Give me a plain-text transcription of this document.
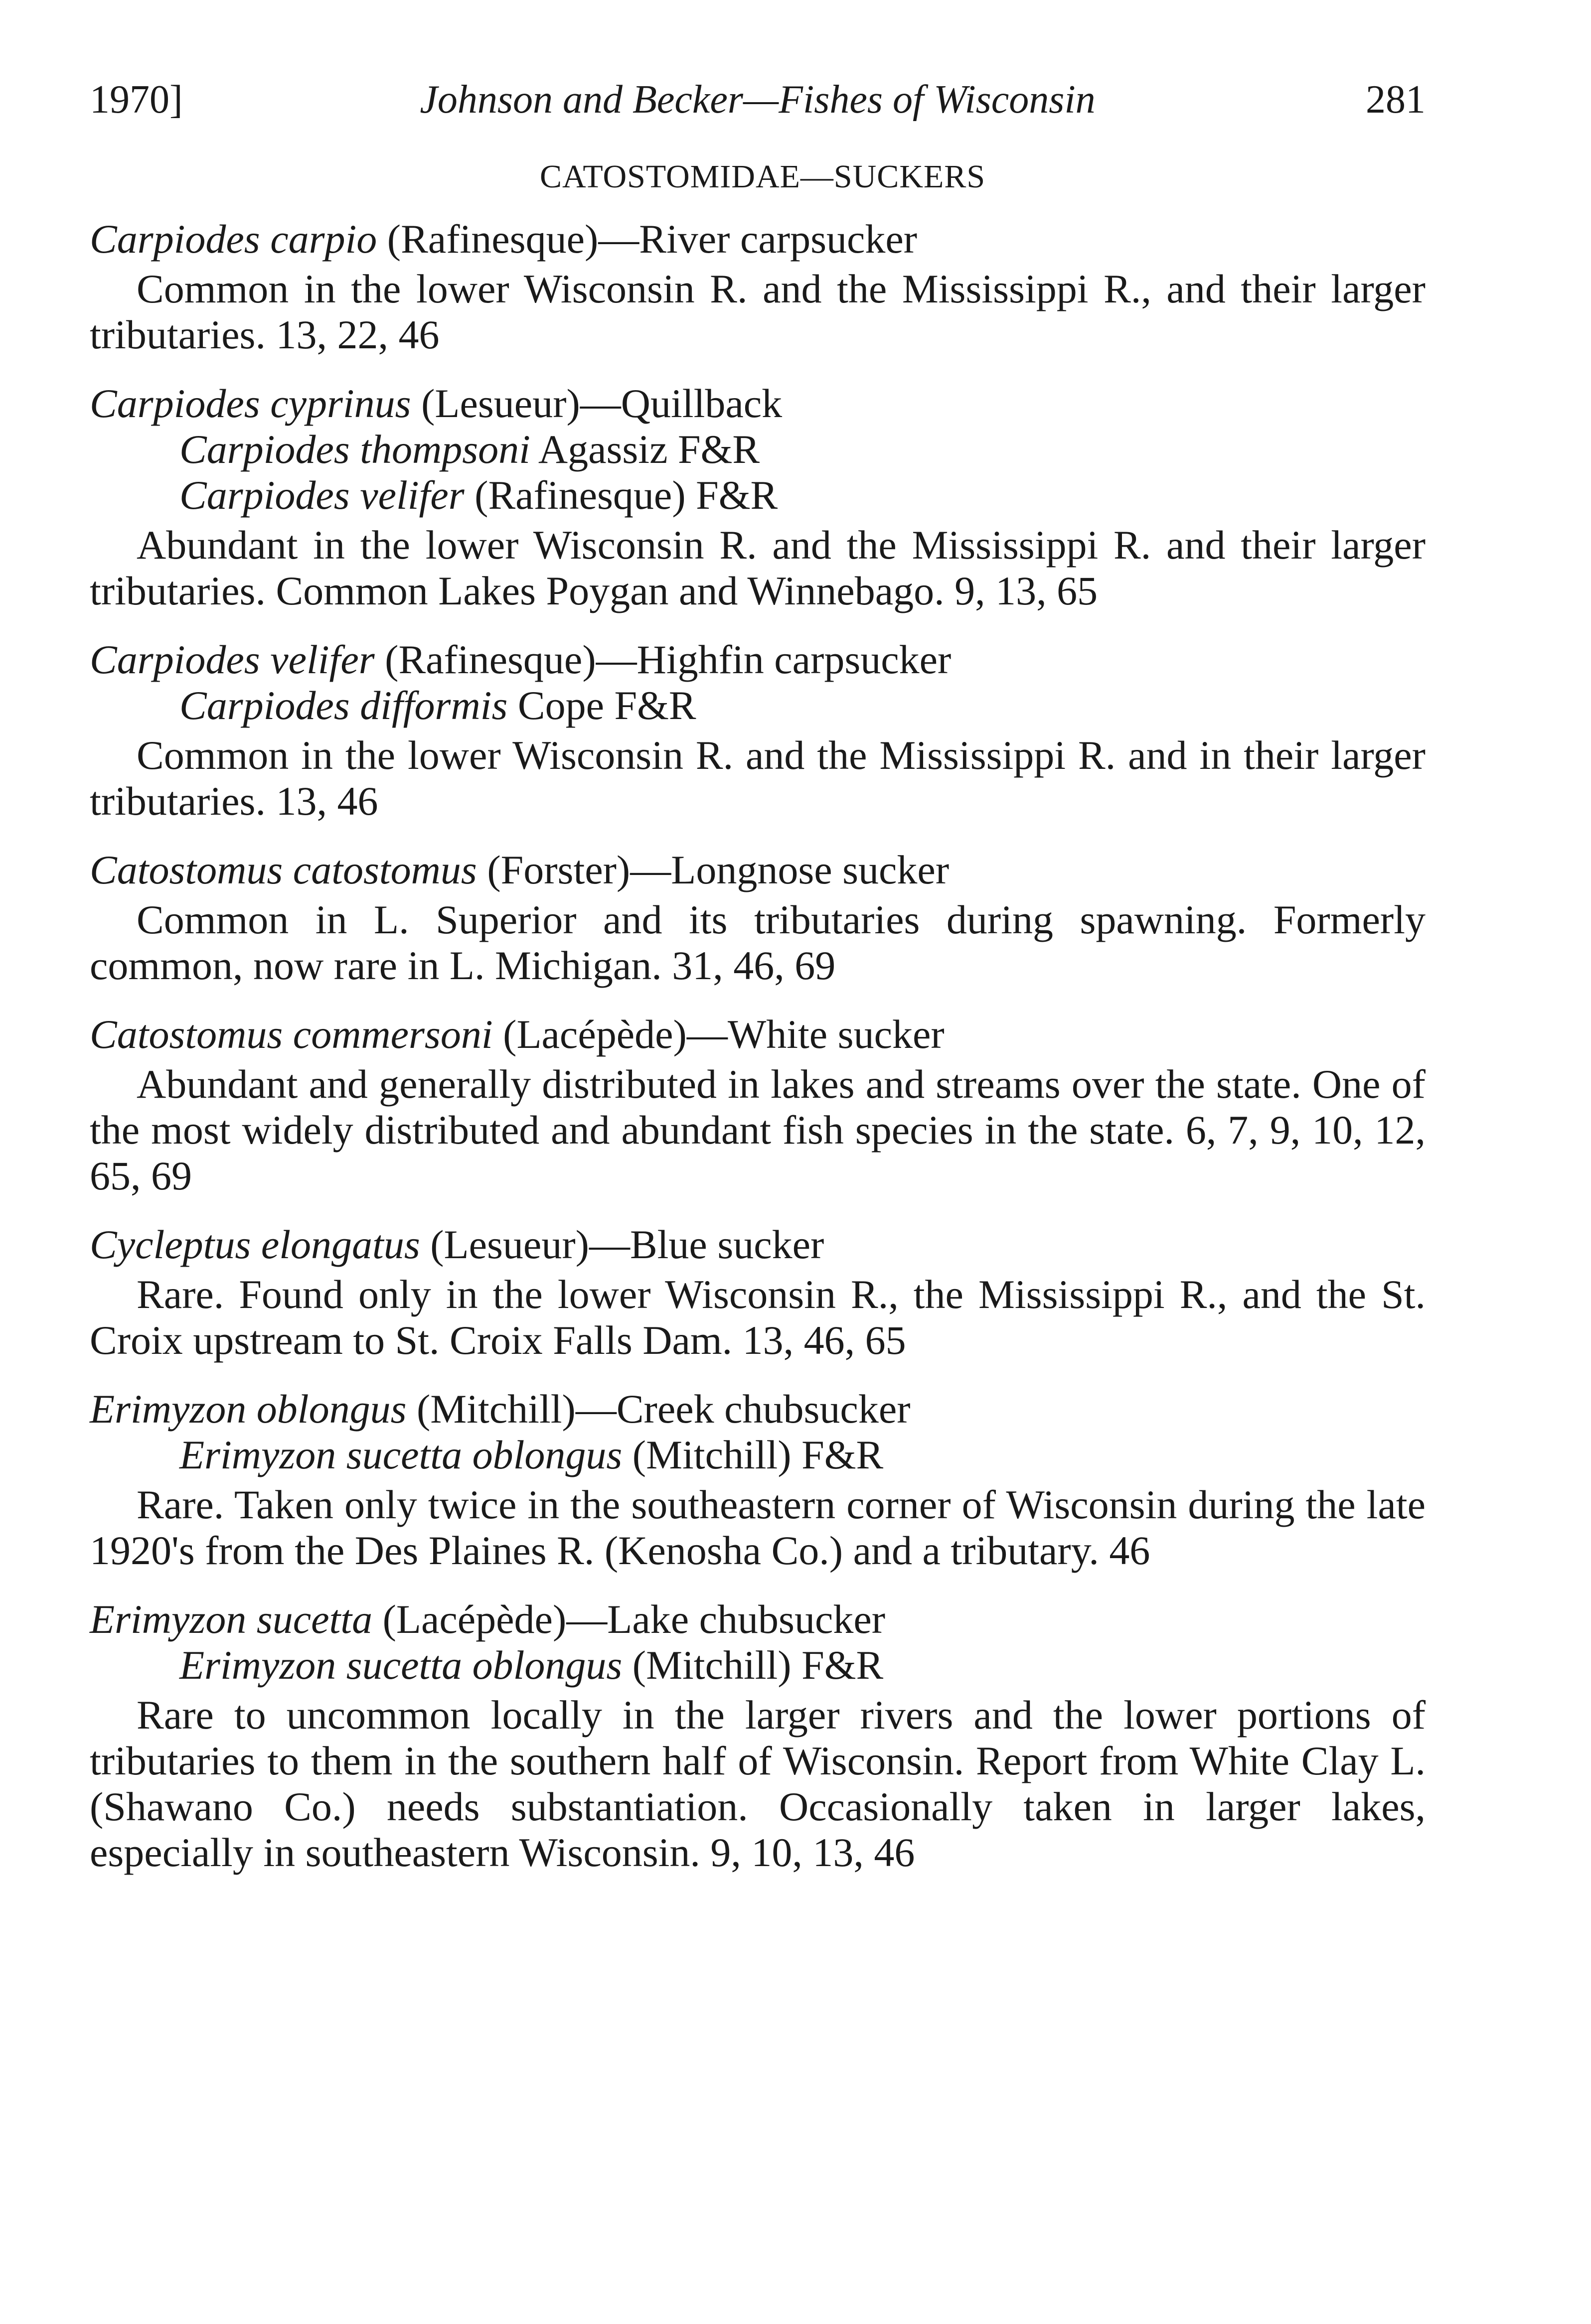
1970]	Johnson and Becker—Fishes of Wisconsin	281
CATOSTOMIDAE—SUCKERS
Carpiodes carpio (Rafinesque)—River carpsucker
Common in the lower Wisconsin R. and the Mississippi R., and their larger tributaries. 13, 22, 46
Carpiodes cyprinus (Lesueur)—Quillback
Carpiodes thompsoni Agassiz F&R
Carpiodes velifer (Rafinesque) F&R
Abundant in the lower Wisconsin R. and the Mississippi R. and their larger tributaries. Common Lakes Poygan and Winnebago. 9, 13, 65
Carpiodes velifer (Rafinesque)—Highfin carpsucker
Carpiodes difformis Cope F&R
Common in the lower Wisconsin R. and the Mississippi R. and in their larger tributaries. 13, 46
Catostomus catostomus (Forster)—Longnose sucker
Common in L. Superior and its tributaries during spawning. Formerly common, now rare in L. Michigan. 31, 46, 69
Catostomus commersoni (Lacépède)—White sucker
Abundant and generally distributed in lakes and streams over the state. One of the most widely distributed and abundant fish species in the state. 6, 7, 9, 10, 12, 65, 69
Cycleptus elongatus (Lesueur)—Blue sucker
Rare. Found only in the lower Wisconsin R., the Mississippi R., and the St. Croix upstream to St. Croix Falls Dam. 13, 46, 65
Erimyzon oblongus (Mitchill)—Creek chubsucker
Erimyzon sucetta oblongus (Mitchill) F&R
Rare. Taken only twice in the southeastern corner of Wisconsin during the late 1920's from the Des Plaines R. (Kenosha Co.) and a tributary. 46
Erimyzon sucetta (Lacépède)—Lake chubsucker
Erimyzon sucetta oblongus (Mitchill) F&R
Rare to uncommon locally in the larger rivers and the lower portions of tributaries to them in the southern half of Wisconsin. Report from White Clay L. (Shawano Co.) needs substantiation. Occasionally taken in larger lakes, especially in southeastern Wisconsin. 9, 10, 13, 46
